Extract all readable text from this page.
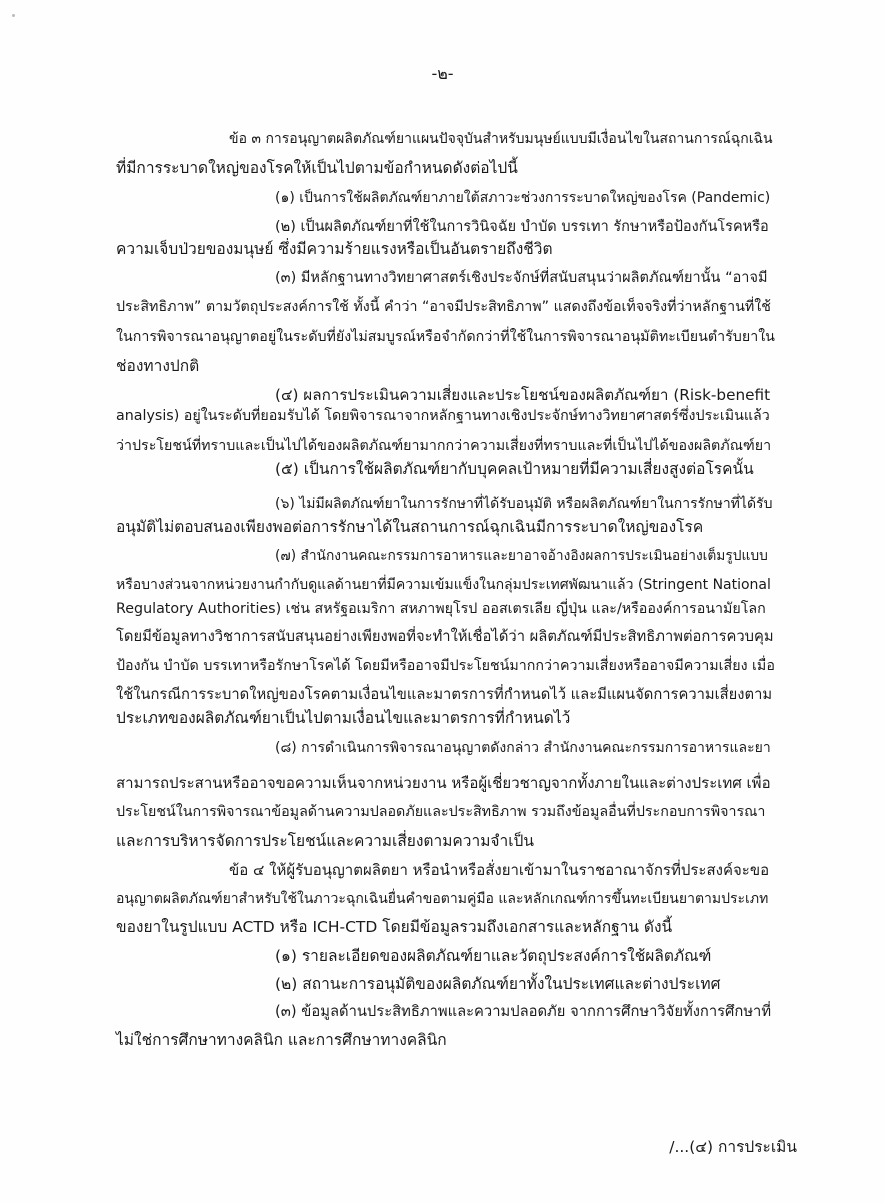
-๒-
ข้อ ๓ การอนุญาตผลิตภัณฑ์ยาแผนปัจจุบันสำหรับมนุษย์แบบมีเงื่อนไขในสถานการณ์ฉุกเฉิน
ที่มีการระบาดใหญ่ของโรคให้เป็นไปตามข้อกำหนดดังต่อไปนี้
(๑) เป็นการใช้ผลิตภัณฑ์ยาภายใต้สภาวะช่วงการระบาดใหญ่ของโรค (Pandemic)
(๒) เป็นผลิตภัณฑ์ยาที่ใช้ในการวินิจฉัย บำบัด บรรเทา รักษาหรือป้องกันโรคหรือ
ความเจ็บป่วยของมนุษย์ ซึ่งมีความร้ายแรงหรือเป็นอันตรายถึงชีวิต
(๓) มีหลักฐานทางวิทยาศาสตร์เชิงประจักษ์ที่สนับสนุนว่าผลิตภัณฑ์ยานั้น “อาจมี
ประสิทธิภาพ” ตามวัตถุประสงค์การใช้ ทั้งนี้ คำว่า “อาจมีประสิทธิภาพ” แสดงถึงข้อเท็จจริงที่ว่าหลักฐานที่ใช้
ในการพิจารณาอนุญาตอยู่ในระดับที่ยังไม่สมบูรณ์หรือจำกัดกว่าที่ใช้ในการพิจารณาอนุมัติทะเบียนตำรับยาใน
ช่องทางปกติ
(๔) ผลการประเมินความเสี่ยงและประโยชน์ของผลิตภัณฑ์ยา (Risk-benefit
analysis) อยู่ในระดับที่ยอมรับได้ โดยพิจารณาจากหลักฐานทางเชิงประจักษ์ทางวิทยาศาสตร์ซึ่งประเมินแล้ว
ว่าประโยชน์ที่ทราบและเป็นไปได้ของผลิตภัณฑ์ยามากกว่าความเสี่ยงที่ทราบและที่เป็นไปได้ของผลิตภัณฑ์ยา
(๕) เป็นการใช้ผลิตภัณฑ์ยากับบุคคลเป้าหมายที่มีความเสี่ยงสูงต่อโรคนั้น
(๖) ไม่มีผลิตภัณฑ์ยาในการรักษาที่ได้รับอนุมัติ หรือผลิตภัณฑ์ยาในการรักษาที่ได้รับ
อนุมัติไม่ตอบสนองเพียงพอต่อการรักษาได้ในสถานการณ์ฉุกเฉินมีการระบาดใหญ่ของโรค
(๗) สำนักงานคณะกรรมการอาหารและยาอาจอ้างอิงผลการประเมินอย่างเต็มรูปแบบ
หรือบางส่วนจากหน่วยงานกำกับดูแลด้านยาที่มีความเข้มแข็งในกลุ่มประเทศพัฒนาแล้ว (Stringent National
Regulatory Authorities) เช่น สหรัฐอเมริกา สหภาพยุโรป ออสเตรเลีย ญี่ปุ่น และ/หรือองค์การอนามัยโลก
โดยมีข้อมูลทางวิชาการสนับสนุนอย่างเพียงพอที่จะทำให้เชื่อได้ว่า ผลิตภัณฑ์มีประสิทธิภาพต่อการควบคุม
ป้องกัน บำบัด บรรเทาหรือรักษาโรคได้ โดยมีหรืออาจมีประโยชน์มากกว่าความเสี่ยงหรืออาจมีความเสี่ยง เมื่อ
ใช้ในกรณีการระบาดใหญ่ของโรคตามเงื่อนไขและมาตรการที่กำหนดไว้ และมีแผนจัดการความเสี่ยงตาม
ประเภทของผลิตภัณฑ์ยาเป็นไปตามเงื่อนไขและมาตรการที่กำหนดไว้
(๘) การดำเนินการพิจารณาอนุญาตดังกล่าว สำนักงานคณะกรรมการอาหารและยา
สามารถประสานหรืออาจขอความเห็นจากหน่วยงาน หรือผู้เชี่ยวชาญจากทั้งภายในและต่างประเทศ เพื่อ
ประโยชน์ในการพิจารณาข้อมูลด้านความปลอดภัยและประสิทธิภาพ รวมถึงข้อมูลอื่นที่ประกอบการพิจารณา
และการบริหารจัดการประโยชน์และความเสี่ยงตามความจำเป็น
ข้อ ๔ ให้ผู้รับอนุญาตผลิตยา หรือนำหรือสั่งยาเข้ามาในราชอาณาจักรที่ประสงค์จะขอ
อนุญาตผลิตภัณฑ์ยาสำหรับใช้ในภาวะฉุกเฉินยื่นคำขอตามคู่มือ และหลักเกณฑ์การขึ้นทะเบียนยาตามประเภท
ของยาในรูปแบบ ACTD หรือ ICH-CTD โดยมีข้อมูลรวมถึงเอกสารและหลักฐาน ดังนี้
(๑) รายละเอียดของผลิตภัณฑ์ยาและวัตถุประสงค์การใช้ผลิตภัณฑ์
(๒) สถานะการอนุมัติของผลิตภัณฑ์ยาทั้งในประเทศและต่างประเทศ
(๓) ข้อมูลด้านประสิทธิภาพและความปลอดภัย จากการศึกษาวิจัยทั้งการศึกษาที่
ไม่ใช่การศึกษาทางคลินิก และการศึกษาทางคลินิก
/...(๔) การประเมิน
